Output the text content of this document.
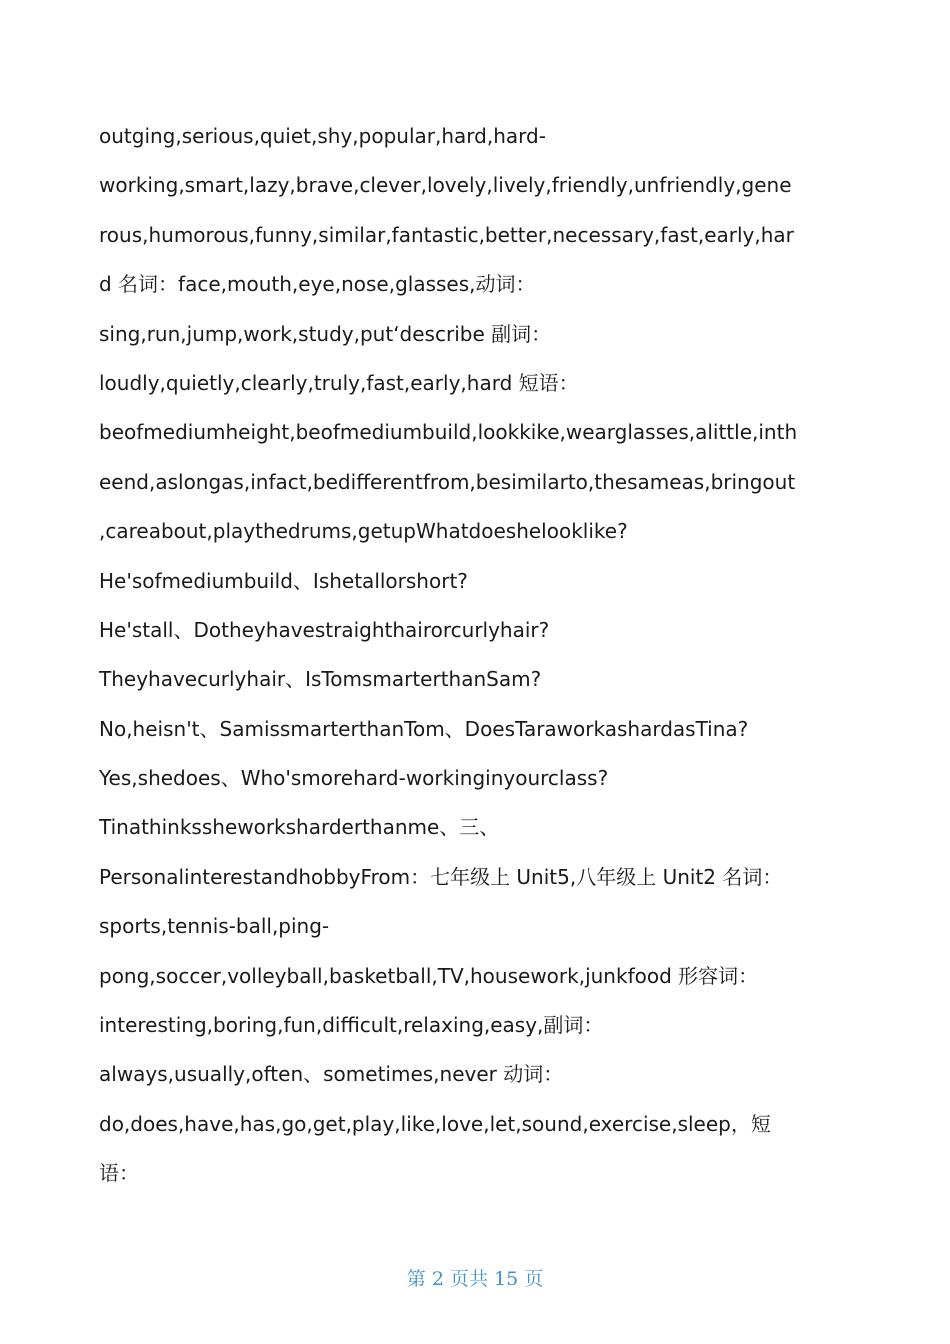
outging,serious,quiet,shy,popular,hard,hard-
working,smart,lazy,brave,clever,lovely,lively,friendly,unfriendly,gene
rous,humorous,funny,similar,fantastic,better,necessary,fast,early,har
d 名词：face,mouth,eye,nose,glasses,动词：
sing,run,jump,work,study,put‘describe 副词：
loudly,quietly,clearly,truly,fast,early,hard 短语：
beofmediumheight,beofmediumbuild,lookkike,wearglasses,alittle,inth
eend,aslongas,infact,bedifferentfrom,besimilarto,thesameas,bringout
,careabout,playthedrums,getupWhatdoeshelooklike?
He'sofmediumbuild、Ishetallorshort?
He'stall、Dotheyhavestraighthairorcurlyhair?
Theyhavecurlyhair、IsTomsmarterthanSam?
No,heisn't、SamissmarterthanTom、DoesTaraworkashardasTina?
Yes,shedoes、Who'smorehard-workinginyourclass?
Tinathinkssheworksharderthanme、三、
PersonalinterestandhobbyFrom：七年级上 Unit5,八年级上 Unit2 名词：
sports,tennis-ball,ping-
pong,soccer,volleyball,basketball,TV,housework,junkfood 形容词：
interesting,boring,fun,difficult,relaxing,easy,副词：
always,usually,often、sometimes,never 动词：
do,does,have,has,go,get,play,like,love,let,sound,exercise,sleep，短
语：
第 2 页共 15 页
